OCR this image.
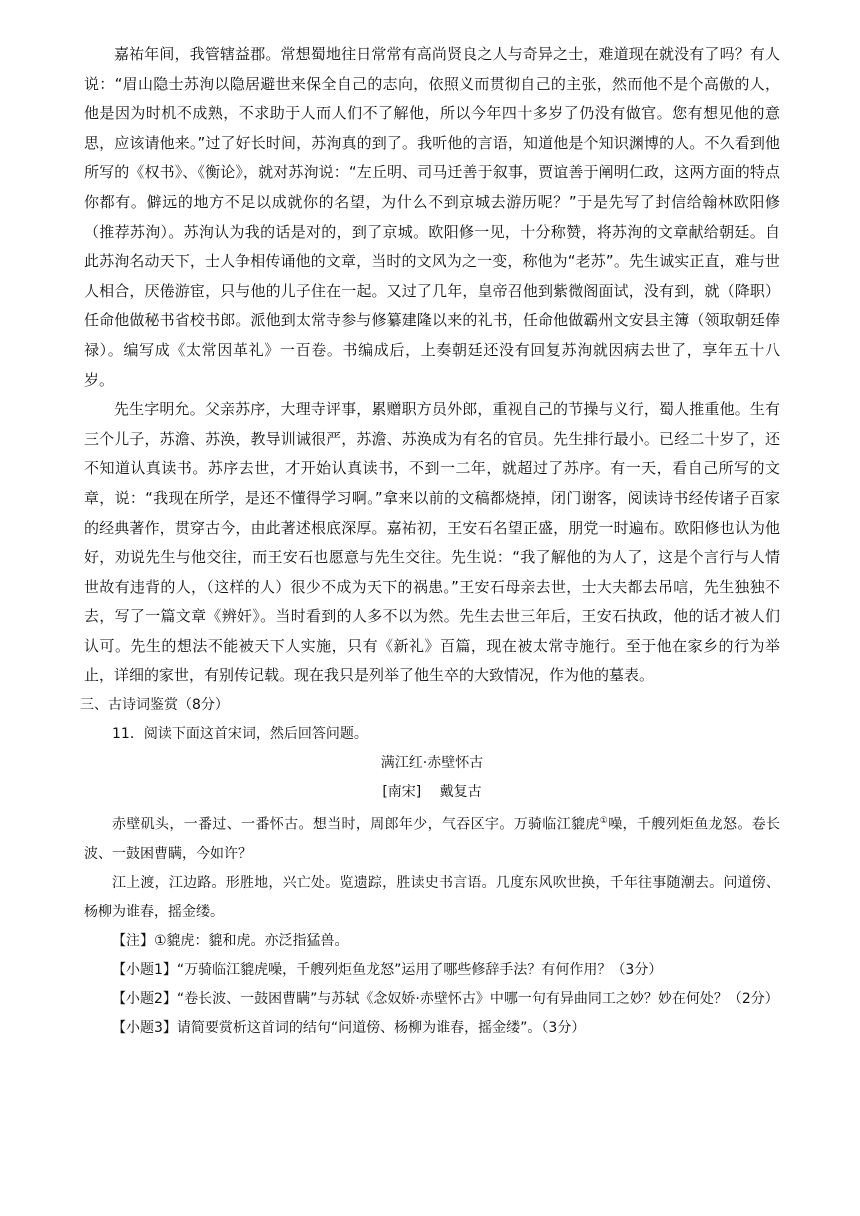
嘉祐年间，我管辖益郡。常想蜀地往日常常有高尚贤良之人与奇异之士，难道现在就没有了吗？有人说：“眉山隐士苏洵以隐居避世来保全自己的志向，依照义而贯彻自己的主张，然而他不是个高傲的人，他是因为时机不成熟，不求助于人而人们不了解他，所以今年四十多岁了仍没有做官。您有想见他的意思，应该请他来。”过了好长时间，苏洵真的到了。我听他的言语，知道他是个知识渊博的人。不久看到他所写的《权书》、《衡论》，就对苏洵说：“左丘明、司马迁善于叙事，贾谊善于阐明仁政，这两方面的特点你都有。僻远的地方不足以成就你的名望，为什么不到京城去游历呢？”于是先写了封信给翰林欧阳修（推荐苏洵）。苏洵认为我的话是对的，到了京城。欧阳修一见，十分称赞，将苏洵的文章献给朝廷。自此苏洵名动天下，士人争相传诵他的文章，当时的文风为之一变，称他为“老苏”。先生诚实正直，难与世人相合，厌倦游宦，只与他的儿子住在一起。又过了几年，皇帝召他到紫微阁面试，没有到，就（降职）任命他做秘书省校书郎。派他到太常寺参与修纂建隆以来的礼书，任命他做霸州文安县主簿（领取朝廷俸禄）。编写成《太常因革礼》一百卷。书编成后，上奏朝廷还没有回复苏洵就因病去世了，享年五十八岁。

先生字明允。父亲苏序，大理寺评事，累赠职方员外郎，重视自己的节操与义行，蜀人推重他。生有三个儿子，苏澹、苏涣，教导训诫很严，苏澹、苏涣成为有名的官员。先生排行最小。已经二十岁了，还不知道认真读书。苏序去世，才开始认真读书，不到一二年，就超过了苏序。有一天，看自己所写的文章，说：“我现在所学，是还不懂得学习啊。”拿来以前的文稿都烧掉，闭门谢客，阅读诗书经传诸子百家的经典著作，贯穿古今，由此著述根底深厚。嘉祐初，王安石名望正盛，朋党一时遍布。欧阳修也认为他好，劝说先生与他交往，而王安石也愿意与先生交往。先生说：“我了解他的为人了，这是个言行与人情世故有违背的人，（这样的人）很少不成为天下的祸患。”王安石母亲去世，士大夫都去吊唁，先生独独不去，写了一篇文章《辨奸》。当时看到的人多不以为然。先生去世三年后，王安石执政，他的话才被人们认可。先生的想法不能被天下人实施，只有《新礼》百篇，现在被太常寺施行。至于他在家乡的行为举止，详细的家世，有别传记载。现在我只是列举了他生卒的大致情况，作为他的墓表。

三、古诗词鉴赏（8分）

11．阅读下面这首宋词，然后回答问题。

满江红·赤壁怀古

[南宋]　 戴复古

赤壁矶头，一番过、一番怀古。想当时，周郎年少，气吞区宇。万骑临江貔虎①噪，千艘列炬鱼龙怒。卷长波、一鼓困曹瞒，今如许？

江上渡，江边路。形胜地，兴亡处。览遗踪，胜读史书言语。几度东风吹世换，千年往事随潮去。问道傍、杨柳为谁春，摇金缕。

【注】①貔虎：貔和虎。亦泛指猛兽。

【小题1】“万骑临江貔虎噪，千艘列炬鱼龙怒”运用了哪些修辞手法？有何作用？（3分）

【小题2】“卷长波、一鼓困曹瞒”与苏轼《念奴娇·赤壁怀古》中哪一句有异曲同工之妙？妙在何处？（2分）

【小题3】请简要赏析这首词的结句“问道傍、杨柳为谁春，摇金缕”。（3分）
